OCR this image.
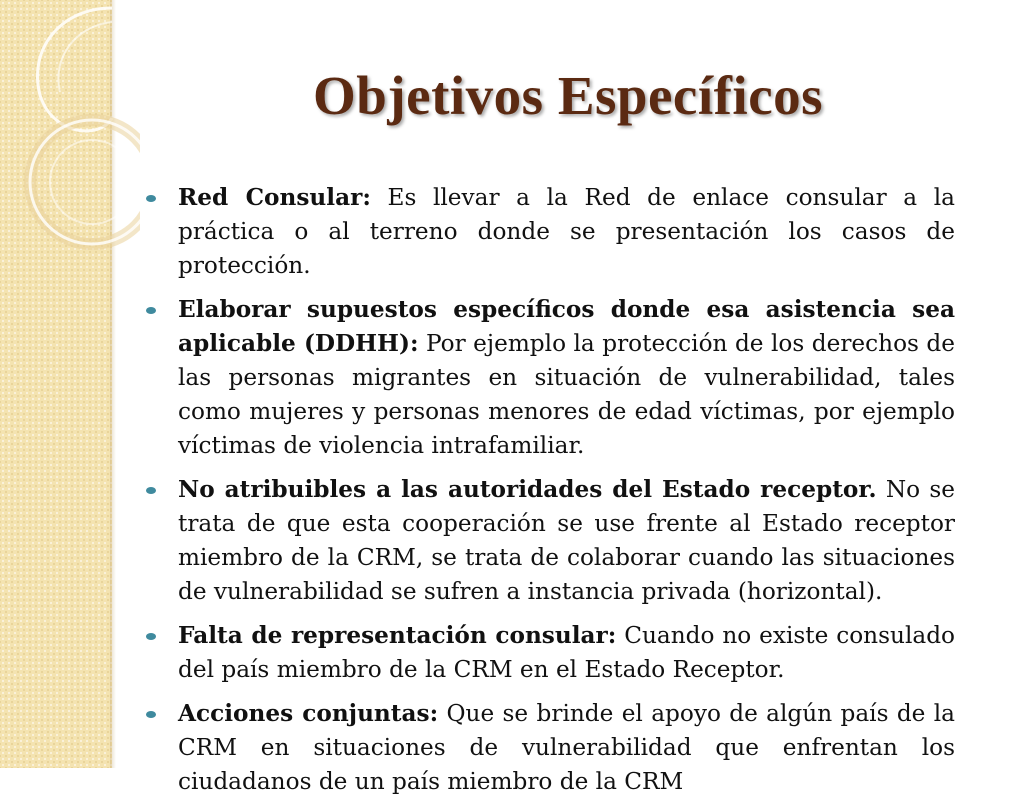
Objetivos Específicos
Red Consular: Es llevar a la Red de enlace consular a la práctica o al terreno donde se presentación los casos de protección.
Elaborar supuestos específicos donde esa asistencia sea aplicable (DDHH): Por ejemplo la protección de los derechos de las personas migrantes en situación de vulnerabilidad, tales como mujeres y personas menores de edad víctimas, por ejemplo víctimas de violencia intrafamiliar.
No atribuibles a las autoridades del Estado receptor. No se trata de que esta cooperación se use frente al Estado receptor miembro de la CRM, se trata de colaborar cuando las situaciones de vulnerabilidad se sufren a instancia privada (horizontal).
Falta de representación consular: Cuando no existe consulado del país miembro de la CRM en el Estado Receptor.
Acciones conjuntas: Que se brinde el apoyo de algún país de la CRM en situaciones de vulnerabilidad que enfrentan los ciudadanos de un país miembro de la CRM
